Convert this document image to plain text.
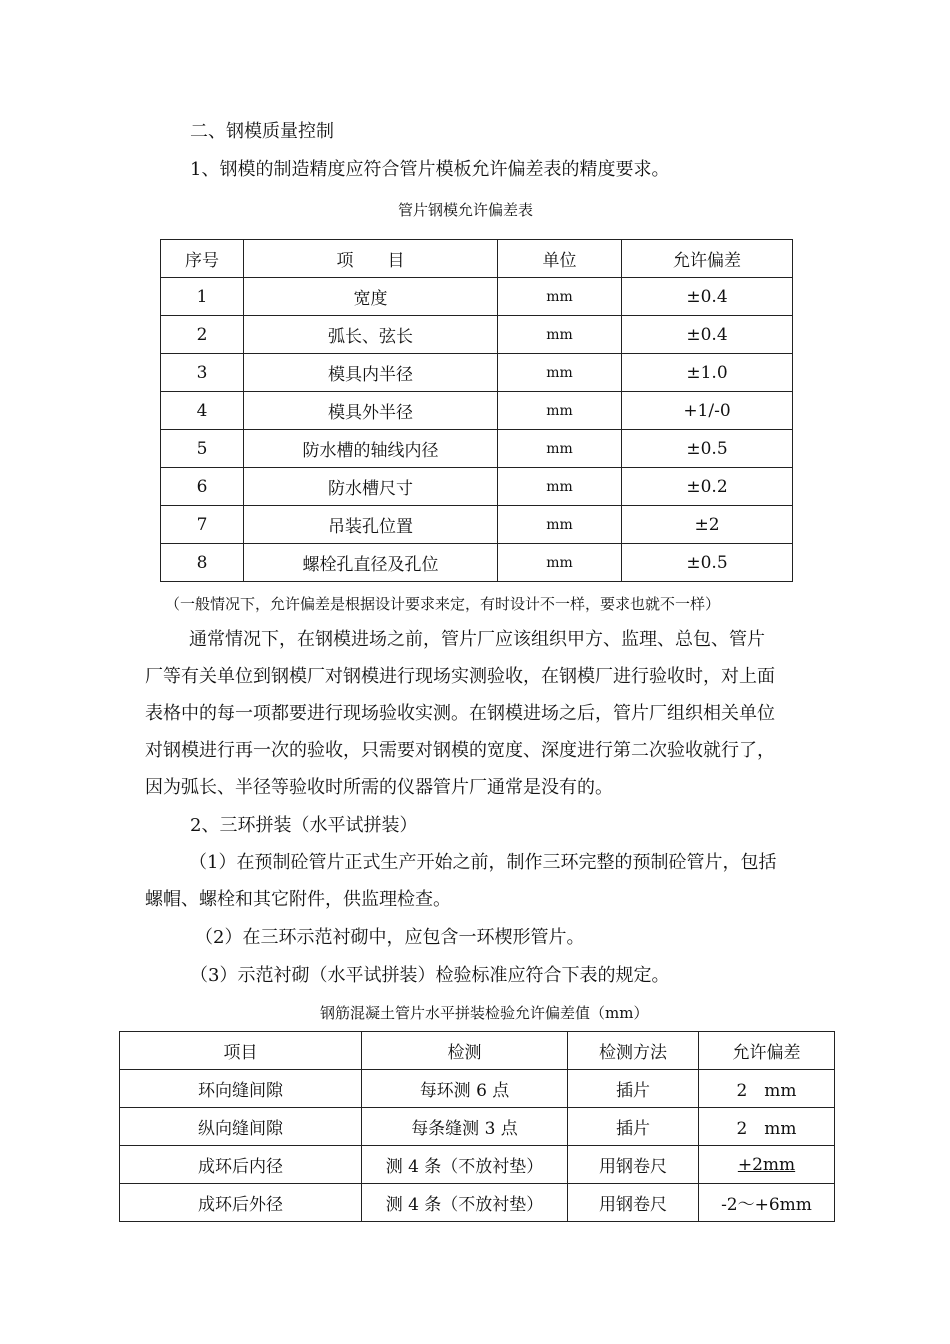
二、钢模质量控制
1、钢模的制造精度应符合管片模板允许偏差表的精度要求。
管片钢模允许偏差表
序号	项　　目	单位	允许偏差
1	宽度	mm	±0.4
2	弧长、弦长	mm	±0.4
3	模具内半径	mm	±1.0
4	模具外半径	mm	+1/-0
5	防水槽的轴线内径	mm	±0.5
6	防水槽尺寸	mm	±0.2
7	吊装孔位置	mm	±2
8	螺栓孔直径及孔位	mm	±0.5
（一般情况下，允许偏差是根据设计要求来定，有时设计不一样，要求也就不一样）
通常情况下，在钢模进场之前，管片厂应该组织甲方、监理、总包、管片
厂等有关单位到钢模厂对钢模进行现场实测验收，在钢模厂进行验收时，对上面
表格中的每一项都要进行现场验收实测。在钢模进场之后，管片厂组织相关单位
对钢模进行再一次的验收，只需要对钢模的宽度、深度进行第二次验收就行了，
因为弧长、半径等验收时所需的仪器管片厂通常是没有的。
2、三环拼装（水平试拼装）
（1）在预制砼管片正式生产开始之前，制作三环完整的预制砼管片，包括
螺帽、螺栓和其它附件，供监理检查。
（2）在三环示范衬砌中，应包含一环楔形管片。
（3）示范衬砌（水平试拼装）检验标准应符合下表的规定。
钢筋混凝土管片水平拼装检验允许偏差值（mm）
项目	检测	检测方法	允许偏差
环向缝间隙	每环测 6 点	插片	2　mm
纵向缝间隙	每条缝测 3 点	插片	2　mm
成环后内径	测 4 条（不放衬垫）	用钢卷尺	+2mm
成环后外径	测 4 条（不放衬垫）	用钢卷尺	-2～+6mm
